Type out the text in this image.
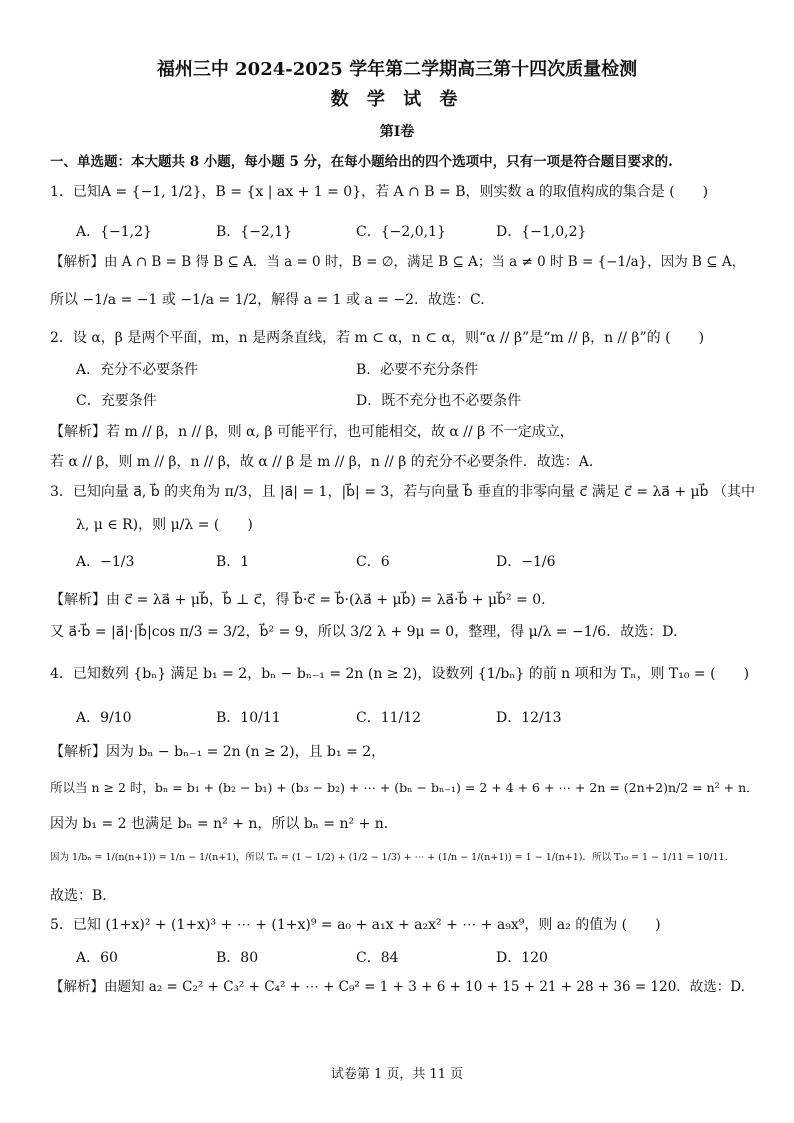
福州三中 2024-2025 学年第二学期高三第十四次质量检测
数 学 试 卷
第Ⅰ卷
一、单选题：本大题共 8 小题，每小题 5 分，在每小题给出的四个选项中，只有一项是符合题目要求的.
1．已知A = {−1, 1/2}，B = {x | ax + 1 = 0}，若 A ∩ B = B，则实数 a 的取值构成的集合是 (　　)
A．{−1,2}	B．{−2,1}	C．{−2,0,1}	D．{−1,0,2}
【解析】由 A ∩ B = B 得 B ⊆ A．当 a = 0 时，B = ∅，满足 B ⊆ A；当 a ≠ 0 时 B = {−1/a}，因为 B ⊆ A，
所以 −1/a = −1 或 −1/a = 1/2，解得 a = 1 或 a = −2．故选：C.
2．设 α，β 是两个平面，m，n 是两条直线，若 m ⊂ α，n ⊂ α，则“α // β”是“m // β，n // β”的 (　　)
A．充分不必要条件	B．必要不充分条件
C．充要条件	D．既不充分也不必要条件
【解析】若 m // β，n // β，则 α, β 可能平行，也可能相交，故 α // β 不一定成立，
若 α // β，则 m // β，n // β，故 α // β 是 m // β，n // β 的充分不必要条件．故选：A.
3．已知向量 a⃗, b⃗ 的夹角为 π/3，且 |a⃗| = 1，|b⃗| = 3，若与向量 b⃗ 垂直的非零向量 c⃗ 满足 c⃗ = λa⃗ + μb⃗ （其中
λ, μ ∈ R)，则 μ/λ = (　　)
A．−1/3	B．1	C．6	D．−1/6
【解析】由 c⃗ = λa⃗ + μb⃗，b⃗ ⊥ c⃗，得 b⃗·c⃗ = b⃗·(λa⃗ + μb⃗) = λa⃗·b⃗ + μb⃗² = 0．
又 a⃗·b⃗ = |a⃗|·|b⃗|cos π/3 = 3/2，b⃗² = 9，所以 3/2 λ + 9μ = 0，整理，得 μ/λ = −1/6．故选：D.
4．已知数列 {bₙ} 满足 b₁ = 2，bₙ − bₙ₋₁ = 2n (n ≥ 2)，设数列 {1/bₙ} 的前 n 项和为 Tₙ，则 T₁₀ = (　　)
A．9/10	B．10/11	C．11/12	D．12/13
【解析】因为 bₙ − bₙ₋₁ = 2n (n ≥ 2)，且 b₁ = 2，
所以当 n ≥ 2 时，bₙ = b₁ + (b₂ − b₁) + (b₃ − b₂) + ⋯ + (bₙ − bₙ₋₁) = 2 + 4 + 6 + ⋯ + 2n = (2n+2)n/2 = n² + n．
因为 b₁ = 2 也满足 bₙ = n² + n，所以 bₙ = n² + n．
因为 1/bₙ = 1/(n(n+1)) = 1/n − 1/(n+1)，所以 Tₙ = (1 − 1/2) + (1/2 − 1/3) + ⋯ + (1/n − 1/(n+1)) = 1 − 1/(n+1)．所以 T₁₀ = 1 − 1/11 = 10/11．
故选：B.
5．已知 (1+x)² + (1+x)³ + ⋯ + (1+x)⁹ = a₀ + a₁x + a₂x² + ⋯ + a₉x⁹，则 a₂ 的值为 (　　)
A．60	B．80	C．84	D．120
【解析】由题知 a₂ = C₂² + C₃² + C₄² + ⋯ + C₉² = 1 + 3 + 6 + 10 + 15 + 21 + 28 + 36 = 120．故选：D.
试卷第 1 页，共 11 页
